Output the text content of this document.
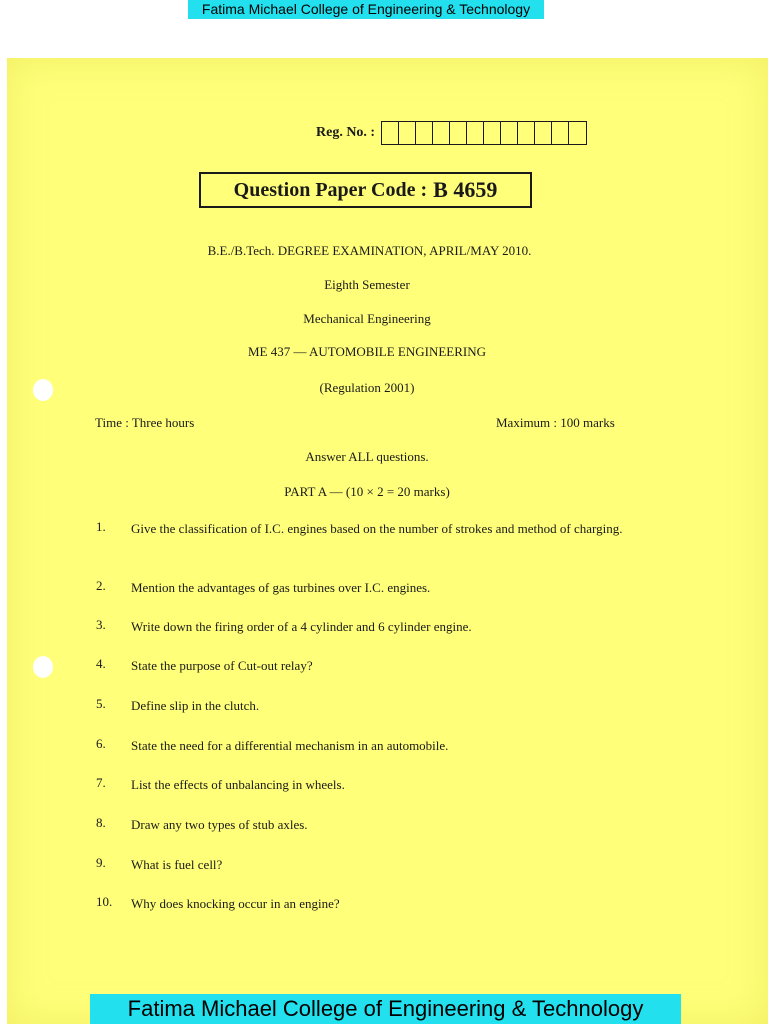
Fatima Michael College of Engineering & Technology
Reg. No. :
Question Paper Code : B 4659
B.E./B.Tech. DEGREE EXAMINATION, APRIL/MAY 2010.
Eighth Semester
Mechanical Engineering
ME 437 — AUTOMOBILE ENGINEERING
(Regulation 2001)
Time : Three hours	Maximum : 100 marks
Answer ALL questions.
PART A — (10 × 2 = 20 marks)
1.	Give the classification of I.C. engines based on the number of strokes and method of charging.
2.	Mention the advantages of gas turbines over I.C. engines.
3.	Write down the firing order of a 4 cylinder and 6 cylinder engine.
4.	State the purpose of Cut-out relay?
5.	Define slip in the clutch.
6.	State the need for a differential mechanism in an automobile.
7.	List the effects of unbalancing in wheels.
8.	Draw any two types of stub axles.
9.	What is fuel cell?
10.	Why does knocking occur in an engine?
Fatima Michael College of Engineering & Technology
